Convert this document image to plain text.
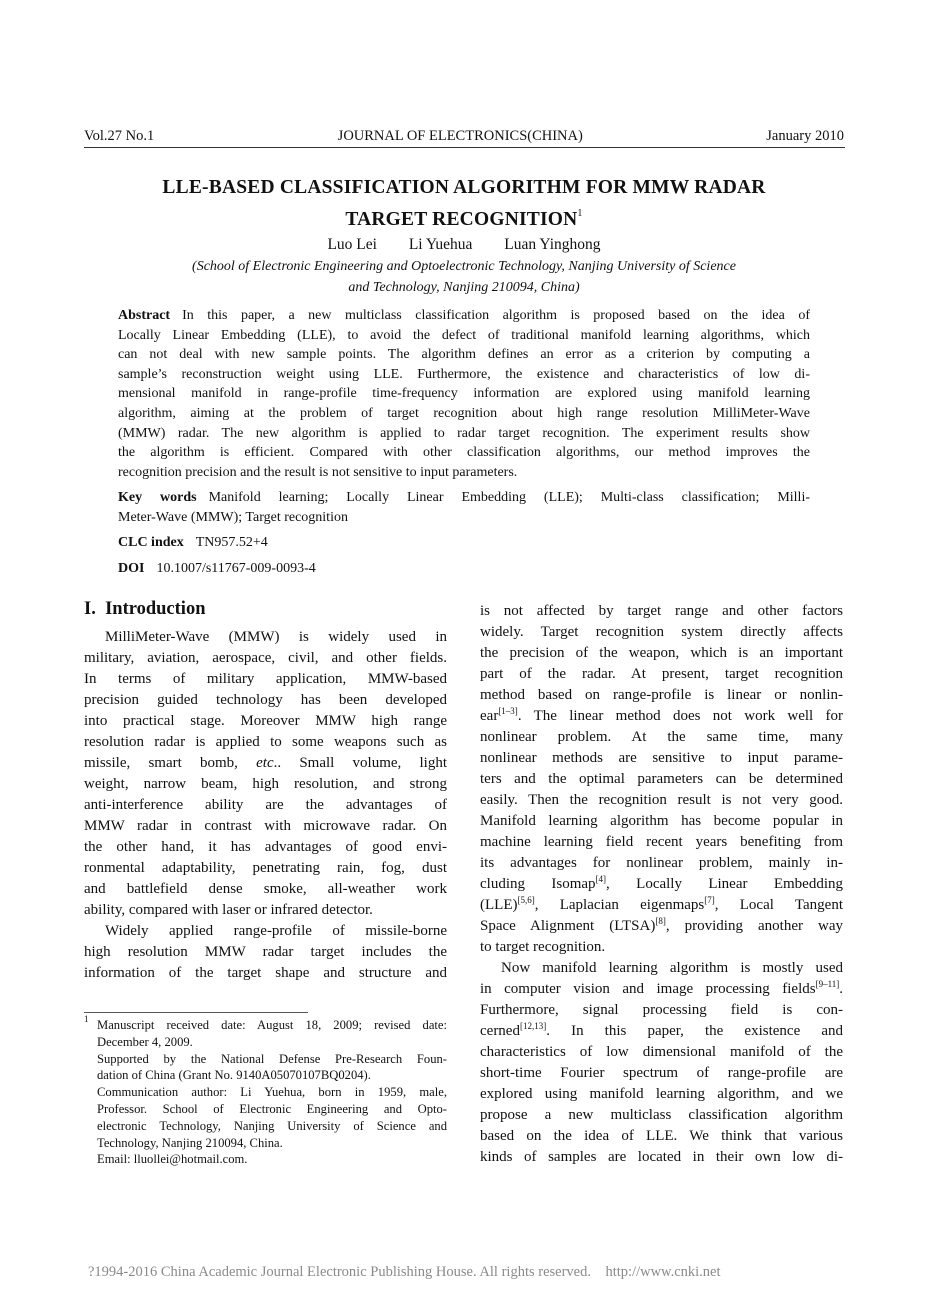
Vol.27 No.1	JOURNAL OF ELECTRONICS(CHINA)	January 2010
LLE-BASED CLASSIFICATION ALGORITHM FOR MMW RADAR
TARGET RECOGNITION$^1$
Luo Lei Li Yuehua Luan Yinghong
(School of Electronic Engineering and Optoelectronic Technology, Nanjing University of Science
and Technology, Nanjing 210094, China)
Abstract In this paper, a new multiclass classification algorithm is proposed based on the idea of
Locally Linear Embedding (LLE), to avoid the defect of traditional manifold learning algorithms, which
can not deal with new sample points. The algorithm defines an error as a criterion by computing a
sample’s reconstruction weight using LLE. Furthermore, the existence and characteristics of low di-
mensional manifold in range-profile time-frequency information are explored using manifold learning
algorithm, aiming at the problem of target recognition about high range resolution MilliMeter-Wave
(MMW) radar. The new algorithm is applied to radar target recognition. The experiment results show
the algorithm is efficient. Compared with other classification algorithms, our method improves the
recognition precision and the result is not sensitive to input parameters.
Key words Manifold learning; Locally Linear Embedding (LLE); Multi-class classification; Milli-
Meter-Wave (MMW); Target recognition
CLC index TN957.52+4
DOI 10.1007/s11767-009-0093-4
I.  Introduction
MilliMeter-Wave (MMW) is widely used in
military, aviation, aerospace, civil, and other fields.
In terms of military application, MMW-based
precision guided technology has been developed
into practical stage. Moreover MMW high range
resolution radar is applied to some weapons such as
missile, smart bomb, etc.. Small volume, light
weight, narrow beam, high resolution, and strong
anti-interference ability are the advantages of
MMW radar in contrast with microwave radar. On
the other hand, it has advantages of good envi-
ronmental adaptability, penetrating rain, fog, dust
and battlefield dense smoke, all-weather work
ability, compared with laser or infrared detector.
Widely applied range-profile of missile-borne
high resolution MMW radar target includes the
information of the target shape and structure and
is not affected by target range and other factors
widely. Target recognition system directly affects
the precision of the weapon, which is an important
part of the radar. At present, target recognition
method based on range-profile is linear or nonlin-
ear[1–3]. The linear method does not work well for
nonlinear problem. At the same time, many
nonlinear methods are sensitive to input parame-
ters and the optimal parameters can be determined
easily. Then the recognition result is not very good.
Manifold learning algorithm has become popular in
machine learning field recent years benefiting from
its advantages for nonlinear problem, mainly in-
cluding Isomap[4], Locally Linear Embedding
(LLE)[5,6], Laplacian eigenmaps[7], Local Tangent
Space Alignment (LTSA)[8], providing another way
to target recognition.
Now manifold learning algorithm is mostly used
in computer vision and image processing fields[9–11].
Furthermore, signal processing field is con-
cerned[12,13]. In this paper, the existence and
characteristics of low dimensional manifold of the
short-time Fourier spectrum of range-profile are
explored using manifold learning algorithm, and we
propose a new multiclass classification algorithm
based on the idea of LLE. We think that various
kinds of samples are located in their own low di-
1 Manuscript received date: August 18, 2009; revised date:
December 4, 2009.
Supported by the National Defense Pre-Research Foun-
dation of China (Grant No. 9140A05070107BQ0204).
Communication author: Li Yuehua, born in 1959, male,
Professor. School of Electronic Engineering and Opto-
electronic Technology, Nanjing University of Science and
Technology, Nanjing 210094, China.
Email: lluollei@hotmail.com.
?1994-2016 China Academic Journal Electronic Publishing House. All rights reserved. http://www.cnki.net
